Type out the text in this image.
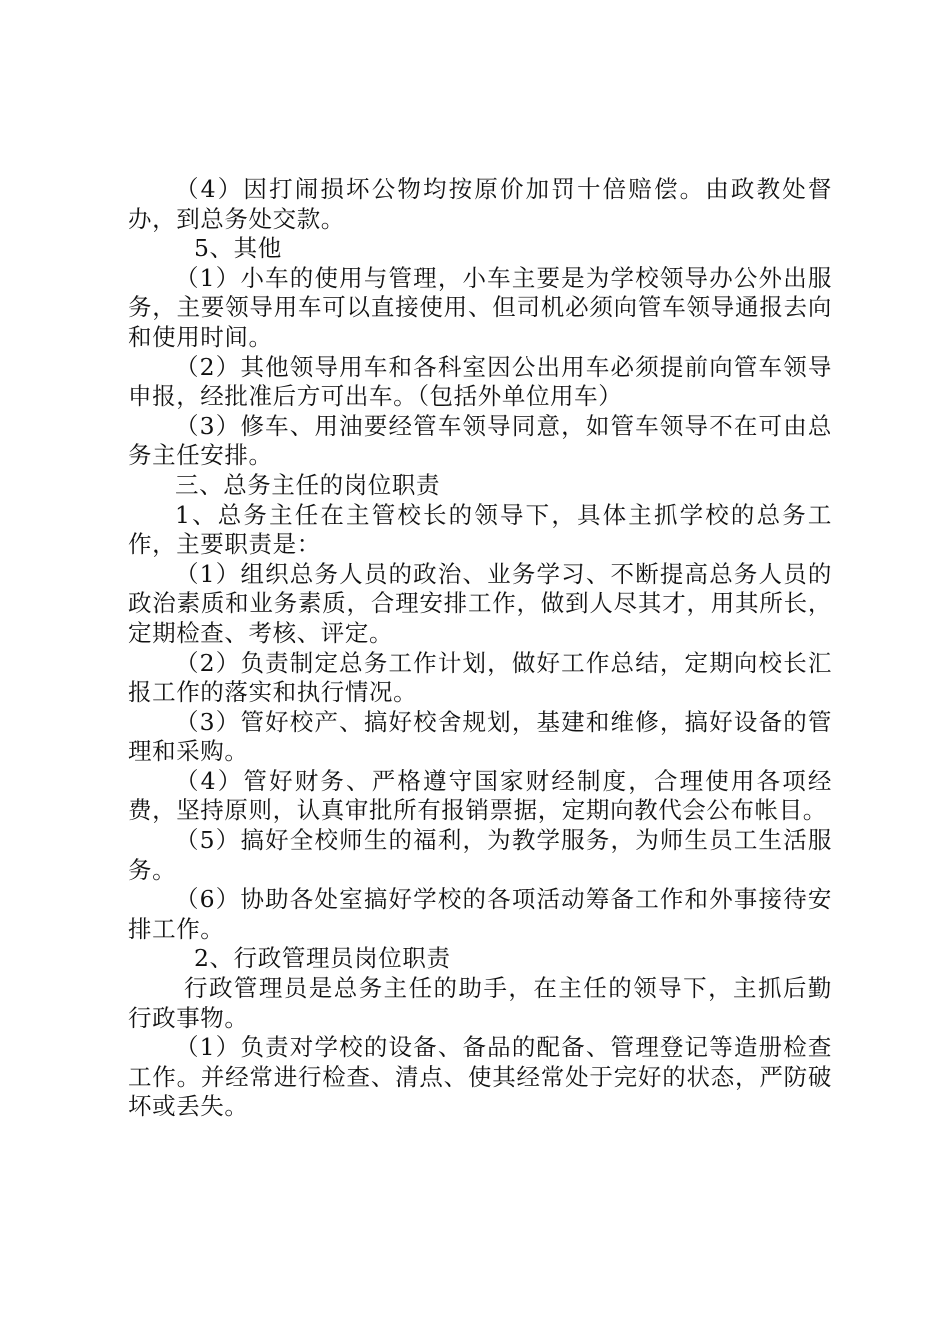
（4）因打闹损坏公物均按原价加罚十倍赔偿。由政教处督办，到总务处交款。

5、其他

（1）小车的使用与管理，小车主要是为学校领导办公外出服务，主要领导用车可以直接使用、但司机必须向管车领导通报去向和使用时间。

（2）其他领导用车和各科室因公出用车必须提前向管车领导申报，经批准后方可出车。（包括外单位用车）

（3）修车、用油要经管车领导同意，如管车领导不在可由总务主任安排。

三、总务主任的岗位职责

1、总务主任在主管校长的领导下，具体主抓学校的总务工作，主要职责是：

（1）组织总务人员的政治、业务学习、不断提高总务人员的政治素质和业务素质，合理安排工作，做到人尽其才，用其所长，定期检查、考核、评定。

（2）负责制定总务工作计划，做好工作总结，定期向校长汇报工作的落实和执行情况。

（3）管好校产、搞好校舍规划，基建和维修，搞好设备的管理和采购。

（4）管好财务、严格遵守国家财经制度，合理使用各项经费，坚持原则，认真审批所有报销票据，定期向教代会公布帐目。

（5）搞好全校师生的福利，为教学服务，为师生员工生活服务。

（6）协助各处室搞好学校的各项活动筹备工作和外事接待安排工作。

2、行政管理员岗位职责

行政管理员是总务主任的助手，在主任的领导下，主抓后勤行政事物。

（1）负责对学校的设备、备品的配备、管理登记等造册检查工作。并经常进行检查、清点、使其经常处于完好的状态，严防破坏或丢失。
